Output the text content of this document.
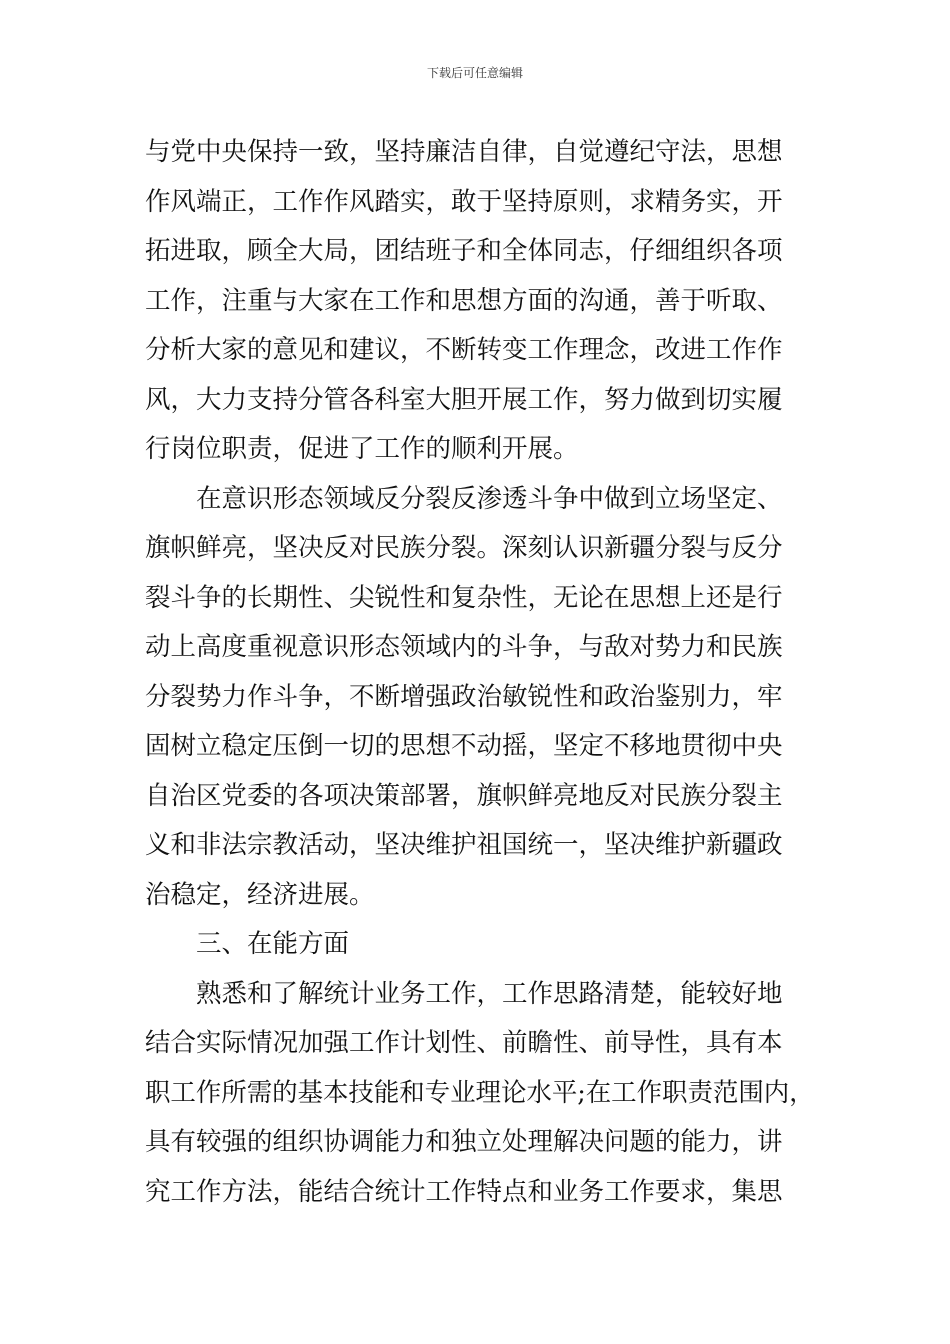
下载后可任意编辑
与党中央保持一致，坚持廉洁自律，自觉遵纪守法，思想
作风端正，工作作风踏实，敢于坚持原则，求精务实，开
拓进取，顾全大局，团结班子和全体同志，仔细组织各项
工作，注重与大家在工作和思想方面的沟通，善于听取、
分析大家的意见和建议，不断转变工作理念，改进工作作
风，大力支持分管各科室大胆开展工作，努力做到切实履
行岗位职责，促进了工作的顺利开展。
　　在意识形态领域反分裂反渗透斗争中做到立场坚定、
旗帜鲜亮，坚决反对民族分裂。深刻认识新疆分裂与反分
裂斗争的长期性、尖锐性和复杂性，无论在思想上还是行
动上高度重视意识形态领域内的斗争，与敌对势力和民族
分裂势力作斗争，不断增强政治敏锐性和政治鉴别力，牢
固树立稳定压倒一切的思想不动摇，坚定不移地贯彻中央
自治区党委的各项决策部署，旗帜鲜亮地反对民族分裂主
义和非法宗教活动，坚决维护祖国统一，坚决维护新疆政
治稳定，经济进展。
　　三、在能方面
　　熟悉和了解统计业务工作，工作思路清楚，能较好地
结合实际情况加强工作计划性、前瞻性、前导性，具有本
职工作所需的基本技能和专业理论水平;在工作职责范围内，
具有较强的组织协调能力和独立处理解决问题的能力，讲
究工作方法，能结合统计工作特点和业务工作要求，集思
